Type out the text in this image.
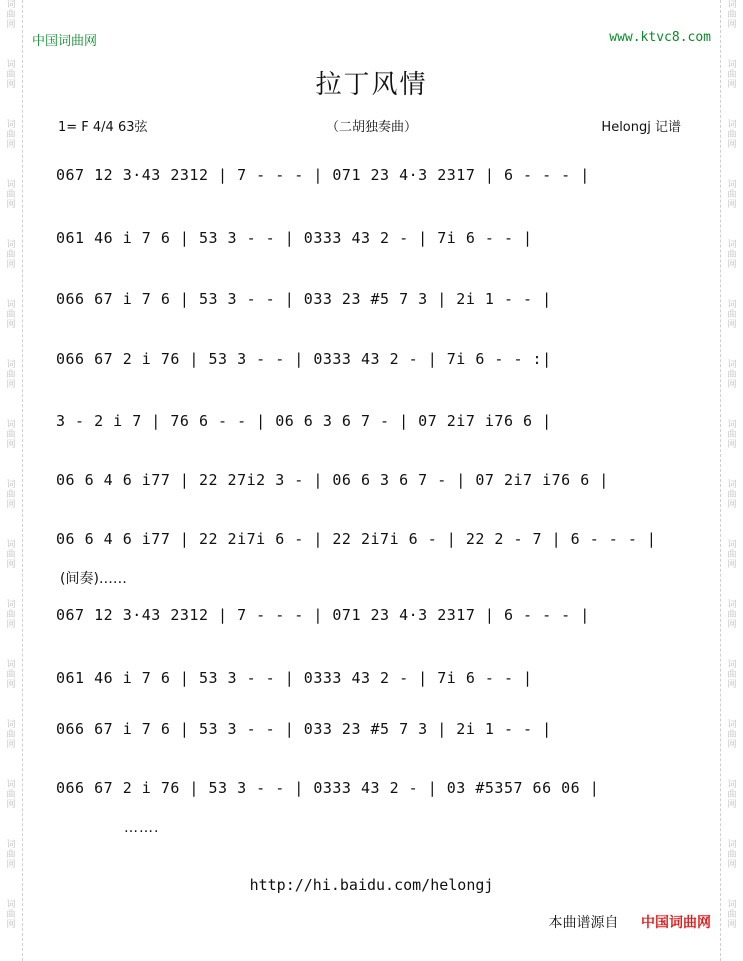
中国词曲网	www.ktvc8.com
拉丁风情
1= F 4/4 63弦	（二胡独奏曲）	Helongj 记谱
067 12 3·43 2312 | 7 - - - | 071 23 4·3 2317 | 6 - - - |
061 46 i 7 6 | 53 3 - - | 0333 43 2 - | 7i 6 - - |
066 67 i 7 6 | 53 3 - - | 033 23 #5 7 3 | 2i 1 - - |
066 67 2 i 76 | 53 3 - - | 0333 43 2 - | 7i 6 - - :|
3 - 2 i 7 | 76 6 - - | 06 6 3 6 7 - | 07 2i7 i76 6 |
06 6 4 6 i77 | 22 27i2 3 - | 06 6 3 6 7 - | 07 2i7 i76 6 |
06 6 4 6 i77 | 22 2i7i 6 - | 22 2i7i 6 - | 22 2 - 7 | 6 - - - |
(间奏)……
067 12 3·43 2312 | 7 - - - | 071 23 4·3 2317 | 6 - - - |
061 46 i 7 6 | 53 3 - - | 0333 43 2 - | 7i 6 - - |
066 67 i 7 6 | 53 3 - - | 033 23 #5 7 3 | 2i 1 - - |
066 67 2 i 76 | 53 3 - - | 0333 43 2 - | 03 #5357 66 06 |
…….
http://hi.baidu.com/helongj
本曲谱源自 中国词曲网
词
曲
网
词
曲
网
词
曲
网
词
曲
网
词
曲
网
词
曲
网
词
曲
网
词
曲
网
词
曲
网
词
曲
网
词
曲
网
词
曲
网
词
曲
网
词
曲
网
词
曲
网
词
曲
网
词
曲
网
词
曲
网
词
曲
网
词
曲
网
词
曲
网
词
曲
网
词
曲
网
词
曲
网
词
曲
网
词
曲
网
词
曲
网
词
曲
网
词
曲
网
词
曲
网
词
曲
网
词
曲
网
